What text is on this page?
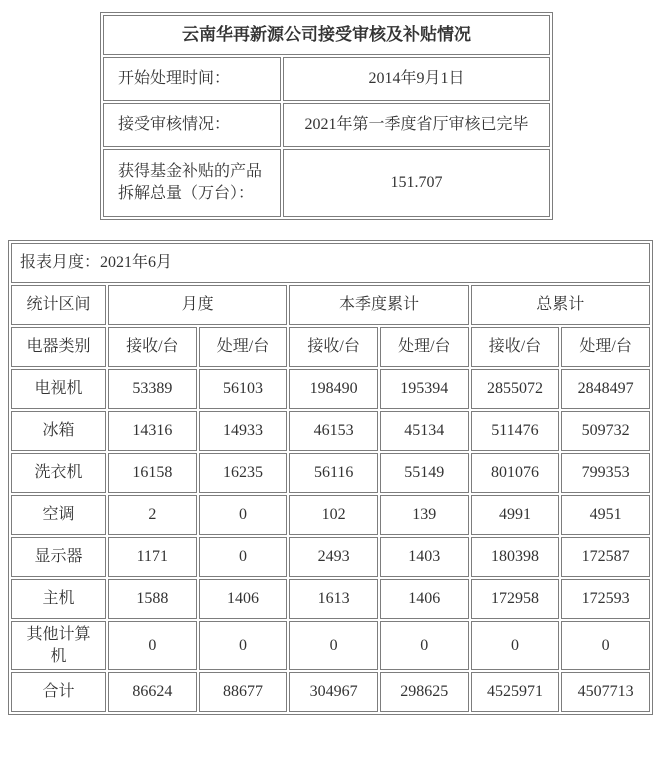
云南华再新源公司接受审核及补贴情况	
开始处理时间：	2014年9月1日
接受审核情况：	2021年第一季度省厅审核已完毕
获得基金补贴的产品拆解总量（万台）：	151.707
报表月度：2021年6月						
统计区间	月度		本季度累计		总累计	
电器类别	接收/台	处理/台	接收/台	处理/台	接收/台	处理/台
电视机	53389	56103	198490	195394	2855072	2848497
冰箱	14316	14933	46153	45134	511476	509732
洗衣机	16158	16235	56116	55149	801076	799353
空调	2	0	102	139	4991	4951
显示器	1171	0	2493	1403	180398	172587
主机	1588	1406	1613	1406	172958	172593
其他计算机	0	0	0	0	0	0
合计	86624	88677	304967	298625	4525971	4507713
